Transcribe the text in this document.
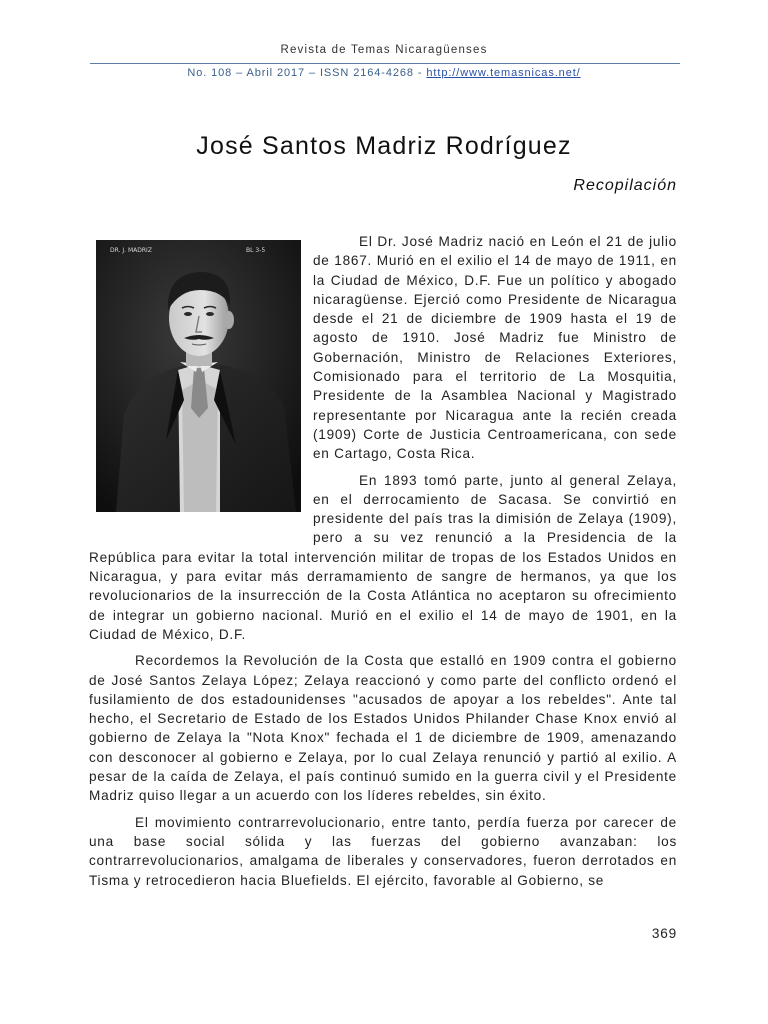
Revista de Temas Nicaragüenses
No. 108 – Abril 2017 – ISSN 2164-4268 - http://www.temasnicas.net/
José Santos Madriz Rodríguez
Recopilación
DR. J. MADRIZ	BL 3-5

El Dr. José Madriz nació en León el 21 de julio de 1867. Murió en el exilio el 14 de mayo de 1911, en la Ciudad de México, D.F. Fue un político y abogado nicaragüense. Ejerció como Presidente de Nicaragua desde el 21 de diciembre de 1909 hasta el 19 de agosto de 1910. José Madriz fue Ministro de Gobernación, Ministro de Relaciones Exteriores, Comisionado para el territorio de La Mosquitia, Presidente de la Asamblea Nacional y Magistrado representante por Nicaragua ante la recién creada (1909) Corte de Justicia Centroamericana, con sede en Cartago, Costa Rica.

En 1893 tomó parte, junto al general Zelaya, en el derrocamiento de Sacasa. Se convirtió en presidente del país tras la dimisión de Zelaya (1909), pero a su vez renunció a la Presidencia de la República para evitar la total intervención militar de tropas de los Estados Unidos en Nicaragua, y para evitar más derramamiento de sangre de hermanos, ya que los revolucionarios de la insurrección de la Costa Atlántica no aceptaron su ofrecimiento de integrar un gobierno nacional. Murió en el exilio el 14 de mayo de 1901, en la Ciudad de México, D.F.

Recordemos la Revolución de la Costa que estalló en 1909 contra el gobierno de José Santos Zelaya López; Zelaya reaccionó y como parte del conflicto ordenó el fusilamiento de dos estadounidenses "acusados de apoyar a los rebeldes". Ante tal hecho, el Secretario de Estado de los Estados Unidos Philander Chase Knox envió al gobierno de Zelaya la "Nota Knox" fechada el 1 de diciembre de 1909, amenazando con desconocer al gobierno e Zelaya, por lo cual Zelaya renunció y partió al exilio. A pesar de la caída de Zelaya, el país continuó sumido en la guerra civil y el Presidente Madriz quiso llegar a un acuerdo con los líderes rebeldes, sin éxito.

El movimiento contrarrevolucionario, entre tanto, perdía fuerza por carecer de una base social sólida y las fuerzas del gobierno avanzaban: los contrarrevolucionarios, amalgama de liberales y conservadores, fueron derrotados en Tisma y retrocedieron hacia Bluefields. El ejército, favorable al Gobierno, se

369
